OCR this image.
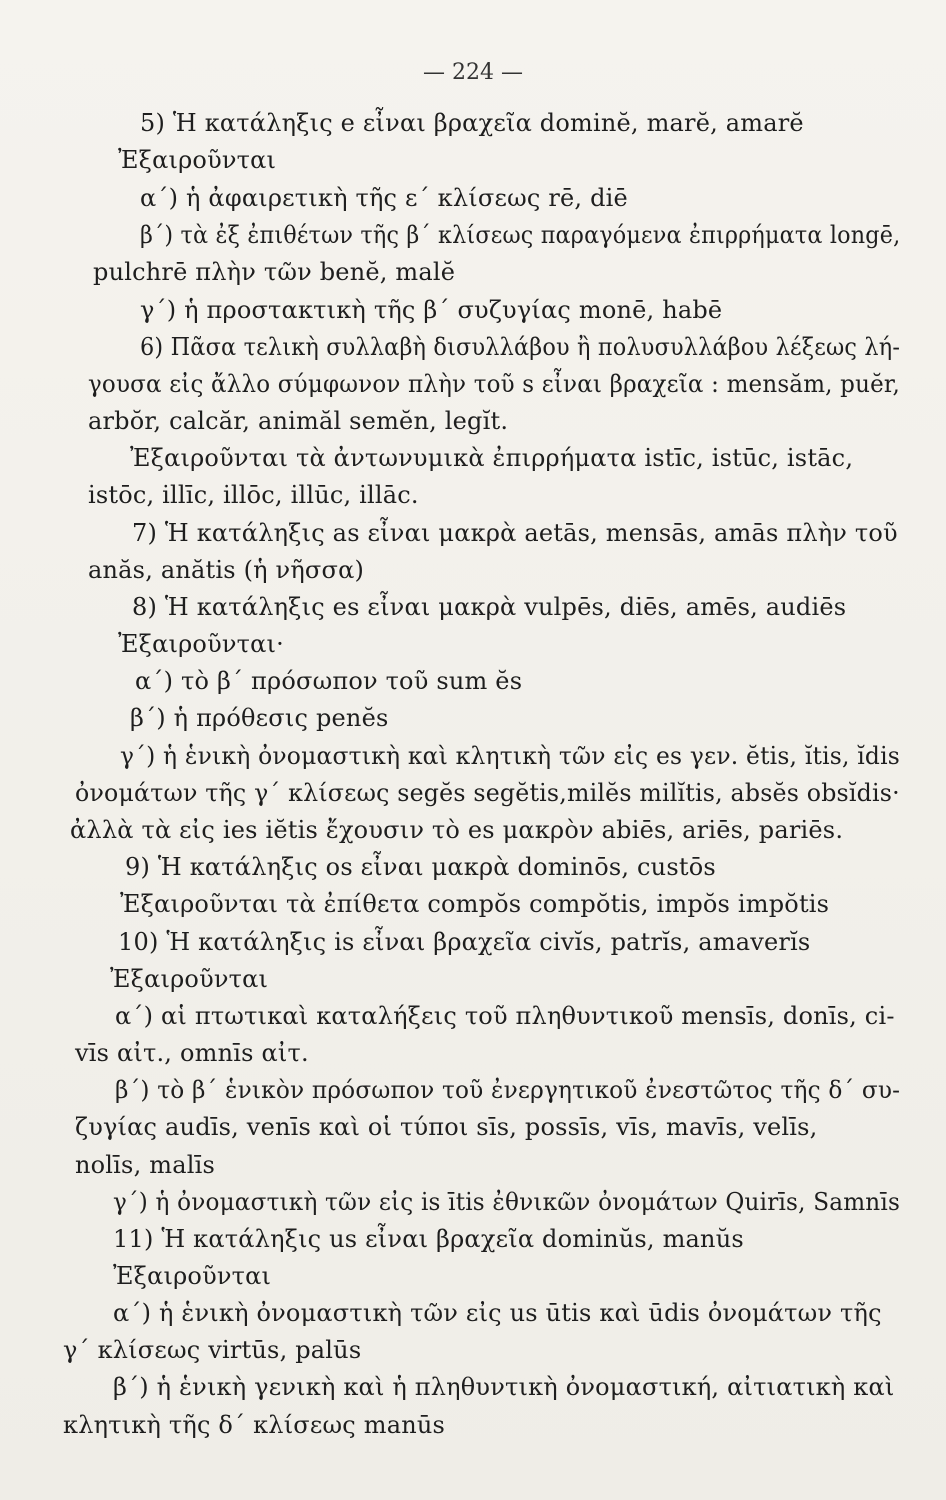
— 224 —
5) Ἡ κατάληξις e εἶναι βραχεῖα dominĕ, marĕ, amarĕ
Ἐξαιροῦνται
α΄) ἡ ἀφαιρετικὴ τῆς ε΄ κλίσεως rē, diē
β΄) τὰ ἐξ ἐπιθέτων τῆς β΄ κλίσεως παραγόμενα ἐπιρρήματα longē,
pulchrē πλὴν τῶν benĕ, malĕ
γ΄) ἡ προστακτικὴ τῆς β΄ συζυγίας monē, habē
6) Πᾶσα τελικὴ συλλαβὴ δισυλλάβου ἢ πολυσυλλάβου λέξεως λή-
γουσα εἰς ἄλλο σύμφωνον πλὴν τοῦ s εἶναι βραχεῖα : mensăm, puĕr,
arbŏr, calcăr, animăl semĕn, legĭt.
Ἐξαιροῦνται τὰ ἀντωνυμικὰ ἐπιρρήματα istīc, istūc, istāc,
istōc, illīc, illōc, illūc, illāc.
7) Ἡ κατάληξις as εἶναι μακρὰ aetās, mensās, amās πλὴν τοῦ
anăs, anătis (ἡ νῆσσα)
8) Ἡ κατάληξις es εἶναι μακρὰ vulpēs, diēs, amēs, audiēs
Ἐξαιροῦνται·
α΄) τὸ β΄ πρόσωπον τοῦ sum ĕs
β΄) ἡ πρόθεσις penĕs
γ΄) ἡ ἑνικὴ ὀνομαστικὴ καὶ κλητικὴ τῶν εἰς es γεν. ĕtis, ĭtis, ĭdis
ὀνομάτων τῆς γ΄ κλίσεως segĕs segĕtis,milĕs milĭtis, absĕs obsĭdis·
ἀλλὰ τὰ εἰς ies iĕtis ἔχουσιν τὸ es μακρὸν abiēs, ariēs, pariēs.
9) Ἡ κατάληξις os εἶναι μακρὰ dominōs, custōs
Ἐξαιροῦνται τὰ ἐπίθετα compŏs compŏtis, impŏs impŏtis
10) Ἡ κατάληξις is εἶναι βραχεῖα civĭs, patrĭs, amaverĭs
Ἐξαιροῦνται
α΄) αἱ πτωτικαὶ καταλήξεις τοῦ πληθυντικοῦ mensīs, donīs, ci-
vīs αἰτ., omnīs αἰτ.
β΄) τὸ β΄ ἑνικὸν πρόσωπον τοῦ ἐνεργητικοῦ ἐνεστῶτος τῆς δ΄ συ-
ζυγίας audīs, venīs καὶ οἱ τύποι sīs, possīs, vīs, mavīs, velīs,
nolīs, malīs
γ΄) ἡ ὀνομαστικὴ τῶν εἰς is ītis ἐθνικῶν ὀνομάτων Quirīs, Samnīs
11) Ἡ κατάληξις us εἶναι βραχεῖα dominŭs, manŭs
Ἐξαιροῦνται
α΄) ἡ ἑνικὴ ὀνομαστικὴ τῶν εἰς us ūtis καὶ ūdis ὀνομάτων τῆς
γ΄ κλίσεως virtūs, palūs
β΄) ἡ ἑνικὴ γενικὴ καὶ ἡ πληθυντικὴ ὀνομαστική, αἰτιατικὴ καὶ
κλητικὴ τῆς δ΄ κλίσεως manūs
